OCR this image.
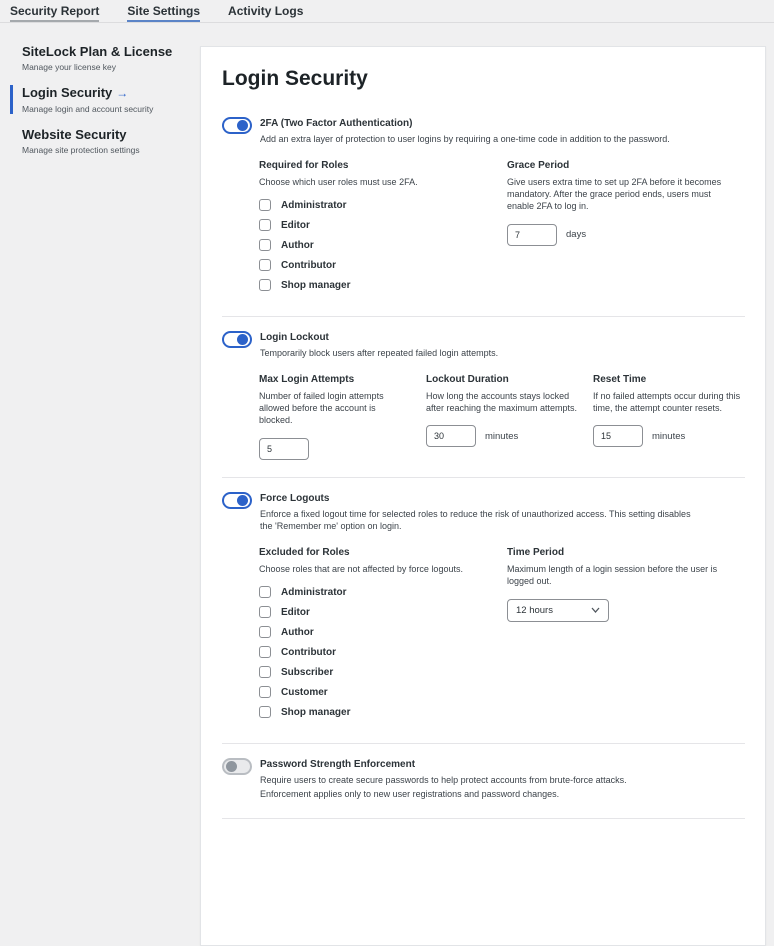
Security Report Site Settings Activity Logs
SiteLock Plan & License
Manage your license key
Login Security →
Manage login and account security
Website Security
Manage site protection settings
Login Security
2FA (Two Factor Authentication)
Add an extra layer of protection to user logins by requiring a one-time code in addition to the password.
Required for Roles
Choose which user roles must use 2FA.
Administrator
Editor
Author
Contributor
Shop manager
Grace Period
Give users extra time to set up 2FA before it becomes mandatory. After the grace period ends, users must enable 2FA to log in.
7
days
Login Lockout
Temporarily block users after repeated failed login attempts.
Max Login Attempts
Number of failed login attempts allowed before the account is blocked.
5
Lockout Duration
How long the accounts stays locked after reaching the maximum attempts.
30
minutes
Reset Time
If no failed attempts occur during this time, the attempt counter resets.
15
minutes
Force Logouts
Enforce a fixed logout time for selected roles to reduce the risk of unauthorized access. This setting disables the 'Remember me' option on login.
Excluded for Roles
Choose roles that are not affected by force logouts.
Administrator
Editor
Author
Contributor
Subscriber
Customer
Shop manager
Time Period
Maximum length of a login session before the user is logged out.
12 hours
Password Strength Enforcement
Require users to create secure passwords to help protect accounts from brute-force attacks.
Enforcement applies only to new user registrations and password changes.
